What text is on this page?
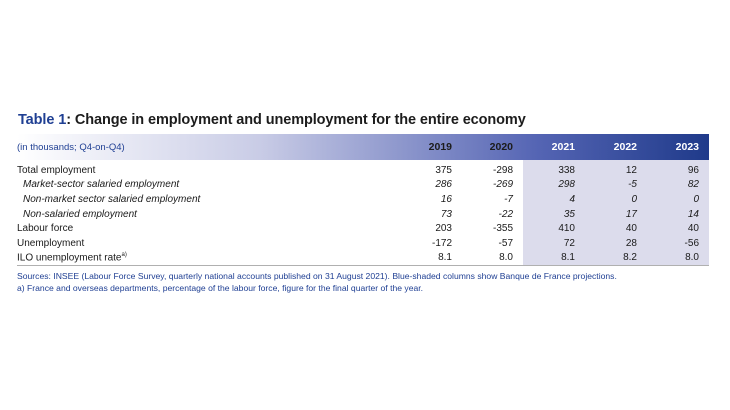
Table 1: Change in employment and unemployment for the entire economy
(in thousands; Q4-on-Q4)	2019	2020	2021	2022	2023
Total employment	375	-298	338	12	96
Market-sector salaried employment	286	-269	298	-5	82
Non-market sector salaried employment	16	-7	4	0	0
Non-salaried employment	73	-22	35	17	14
Labour force	203	-355	410	40	40
Unemployment	-172	-57	72	28	-56
ILO unemployment rate$^{a)}$	8.1	8.0	8.1	8.2	8.0
Sources: INSEE (Labour Force Survey, quarterly national accounts published on 31 August 2021). Blue-shaded columns show Banque de France projections.
a) France and overseas departments, percentage of the labour force, figure for the final quarter of the year.
